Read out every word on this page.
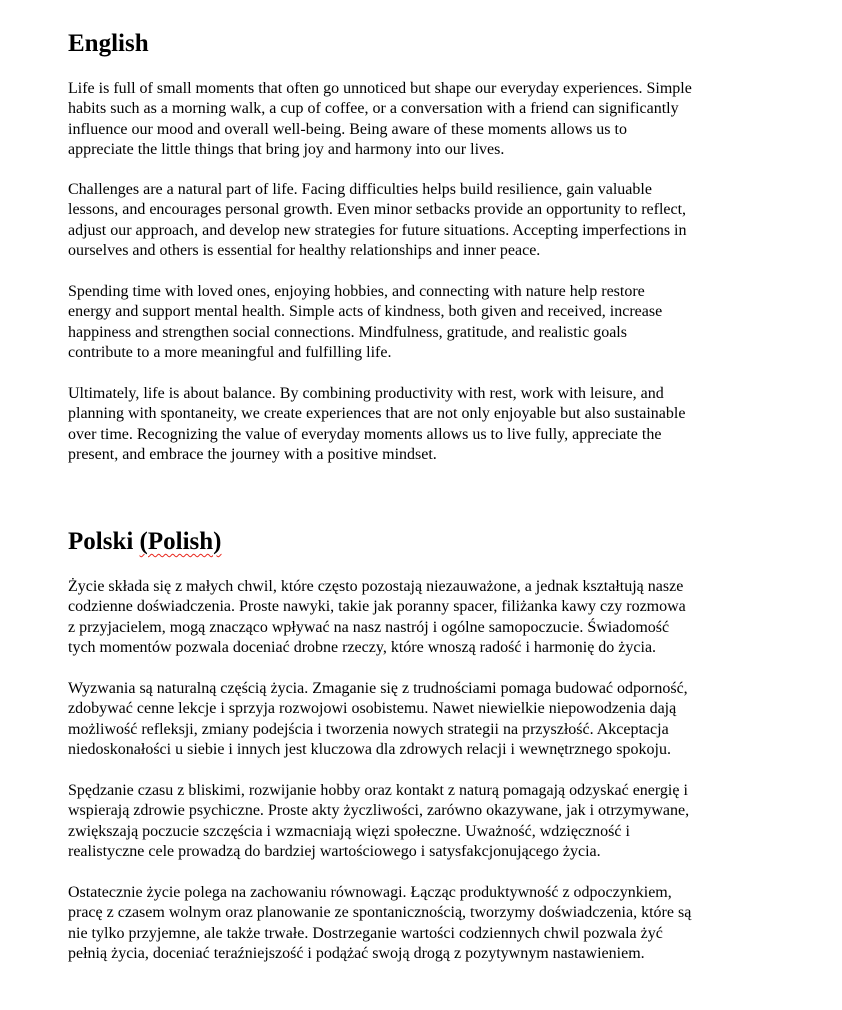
English

Life is full of small moments that often go unnoticed but shape our everyday experiences. Simple
habits such as a morning walk, a cup of coffee, or a conversation with a friend can significantly
influence our mood and overall well-being. Being aware of these moments allows us to
appreciate the little things that bring joy and harmony into our lives.

Challenges are a natural part of life. Facing difficulties helps build resilience, gain valuable
lessons, and encourages personal growth. Even minor setbacks provide an opportunity to reflect,
adjust our approach, and develop new strategies for future situations. Accepting imperfections in
ourselves and others is essential for healthy relationships and inner peace.

Spending time with loved ones, enjoying hobbies, and connecting with nature help restore
energy and support mental health. Simple acts of kindness, both given and received, increase
happiness and strengthen social connections. Mindfulness, gratitude, and realistic goals
contribute to a more meaningful and fulfilling life.

Ultimately, life is about balance. By combining productivity with rest, work with leisure, and
planning with spontaneity, we create experiences that are not only enjoyable but also sustainable
over time. Recognizing the value of everyday moments allows us to live fully, appreciate the
present, and embrace the journey with a positive mindset.

Polski (Polish)

Życie składa się z małych chwil, które często pozostają niezauważone, a jednak kształtują nasze
codzienne doświadczenia. Proste nawyki, takie jak poranny spacer, filiżanka kawy czy rozmowa
z przyjacielem, mogą znacząco wpływać na nasz nastrój i ogólne samopoczucie. Świadomość
tych momentów pozwala doceniać drobne rzeczy, które wnoszą radość i harmonię do życia.

Wyzwania są naturalną częścią życia. Zmaganie się z trudnościami pomaga budować odporność,
zdobywać cenne lekcje i sprzyja rozwojowi osobistemu. Nawet niewielkie niepowodzenia dają
możliwość refleksji, zmiany podejścia i tworzenia nowych strategii na przyszłość. Akceptacja
niedoskonałości u siebie i innych jest kluczowa dla zdrowych relacji i wewnętrznego spokoju.

Spędzanie czasu z bliskimi, rozwijanie hobby oraz kontakt z naturą pomagają odzyskać energię i
wspierają zdrowie psychiczne. Proste akty życzliwości, zarówno okazywane, jak i otrzymywane,
zwiększają poczucie szczęścia i wzmacniają więzi społeczne. Uważność, wdzięczność i
realistyczne cele prowadzą do bardziej wartościowego i satysfakcjonującego życia.

Ostatecznie życie polega na zachowaniu równowagi. Łącząc produktywność z odpoczynkiem,
pracę z czasem wolnym oraz planowanie ze spontanicznością, tworzymy doświadczenia, które są
nie tylko przyjemne, ale także trwałe. Dostrzeganie wartości codziennych chwil pozwala żyć
pełnią życia, doceniać teraźniejszość i podążać swoją drogą z pozytywnym nastawieniem.
